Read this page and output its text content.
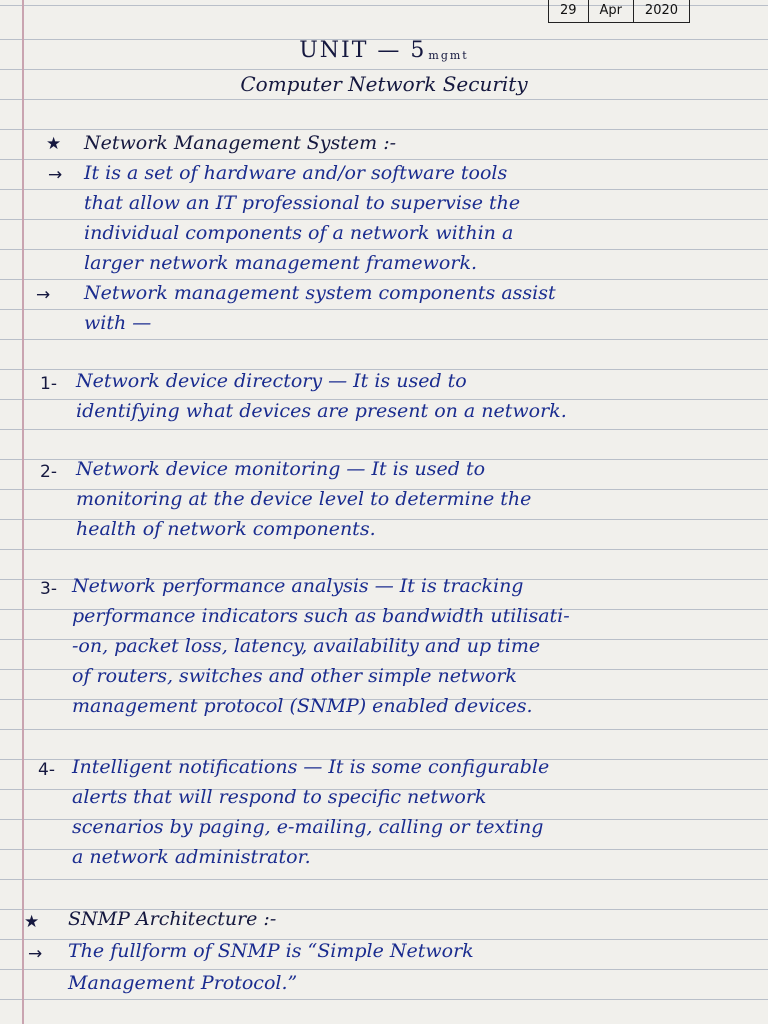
29	Apr	2020
UNIT — 5 mgmt
Computer Network Security
★ Network Management System :-
→ It is a set of hardware and/or software tools
that allow an IT professional to supervise the
individual components of a network within a
larger network management framework.
→ Network management system components assist
with —
1- Network device directory — It is used to
identifying what devices are present on a network.
2- Network device monitoring — It is used to
monitoring at the device level to determine the
health of network components.
3- Network performance analysis — It is tracking
performance indicators such as bandwidth utilisati-
-on, packet loss, latency, availability and up time
of routers, switches and other simple network
management protocol (SNMP) enabled devices.
4- Intelligent notifications — It is some configurable
alerts that will respond to specific network
scenarios by paging, e-mailing, calling or texting
a network administrator.
★ SNMP Architecture :-
→ The fullform of SNMP is “Simple Network
Management Protocol.”
